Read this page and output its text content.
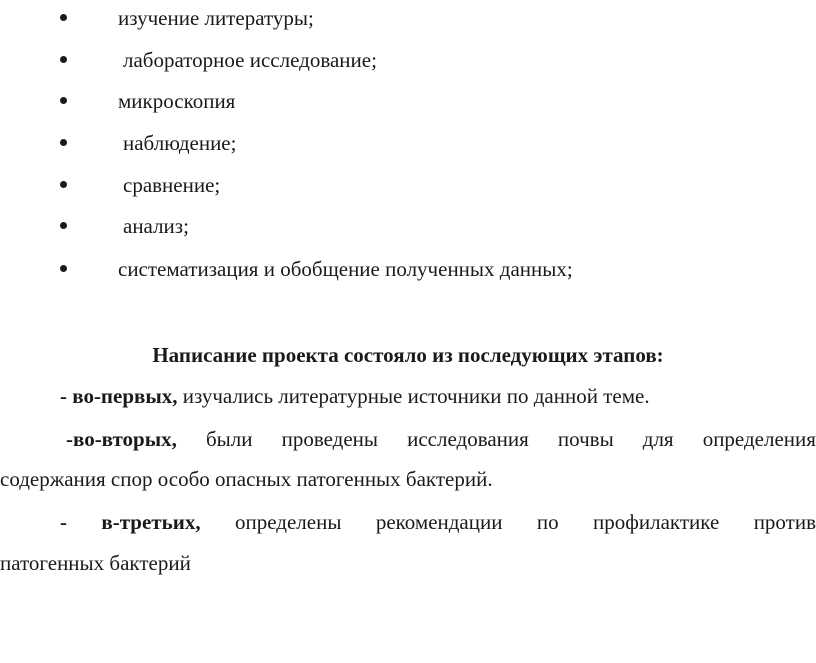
изучение литературы;
лабораторное исследование;
микроскопия
наблюдение;
сравнение;
анализ;
систематизация и обобщение полученных данных;
Написание проекта состояло из последующих этапов:
- во-первых, изучались литературные источники по данной теме.
-во-вторых, были проведены исследования почвы для определения
содержания спор особо опасных патогенных бактерий.
- в-третьих, определены рекомендации по профилактике против
патогенных бактерий
